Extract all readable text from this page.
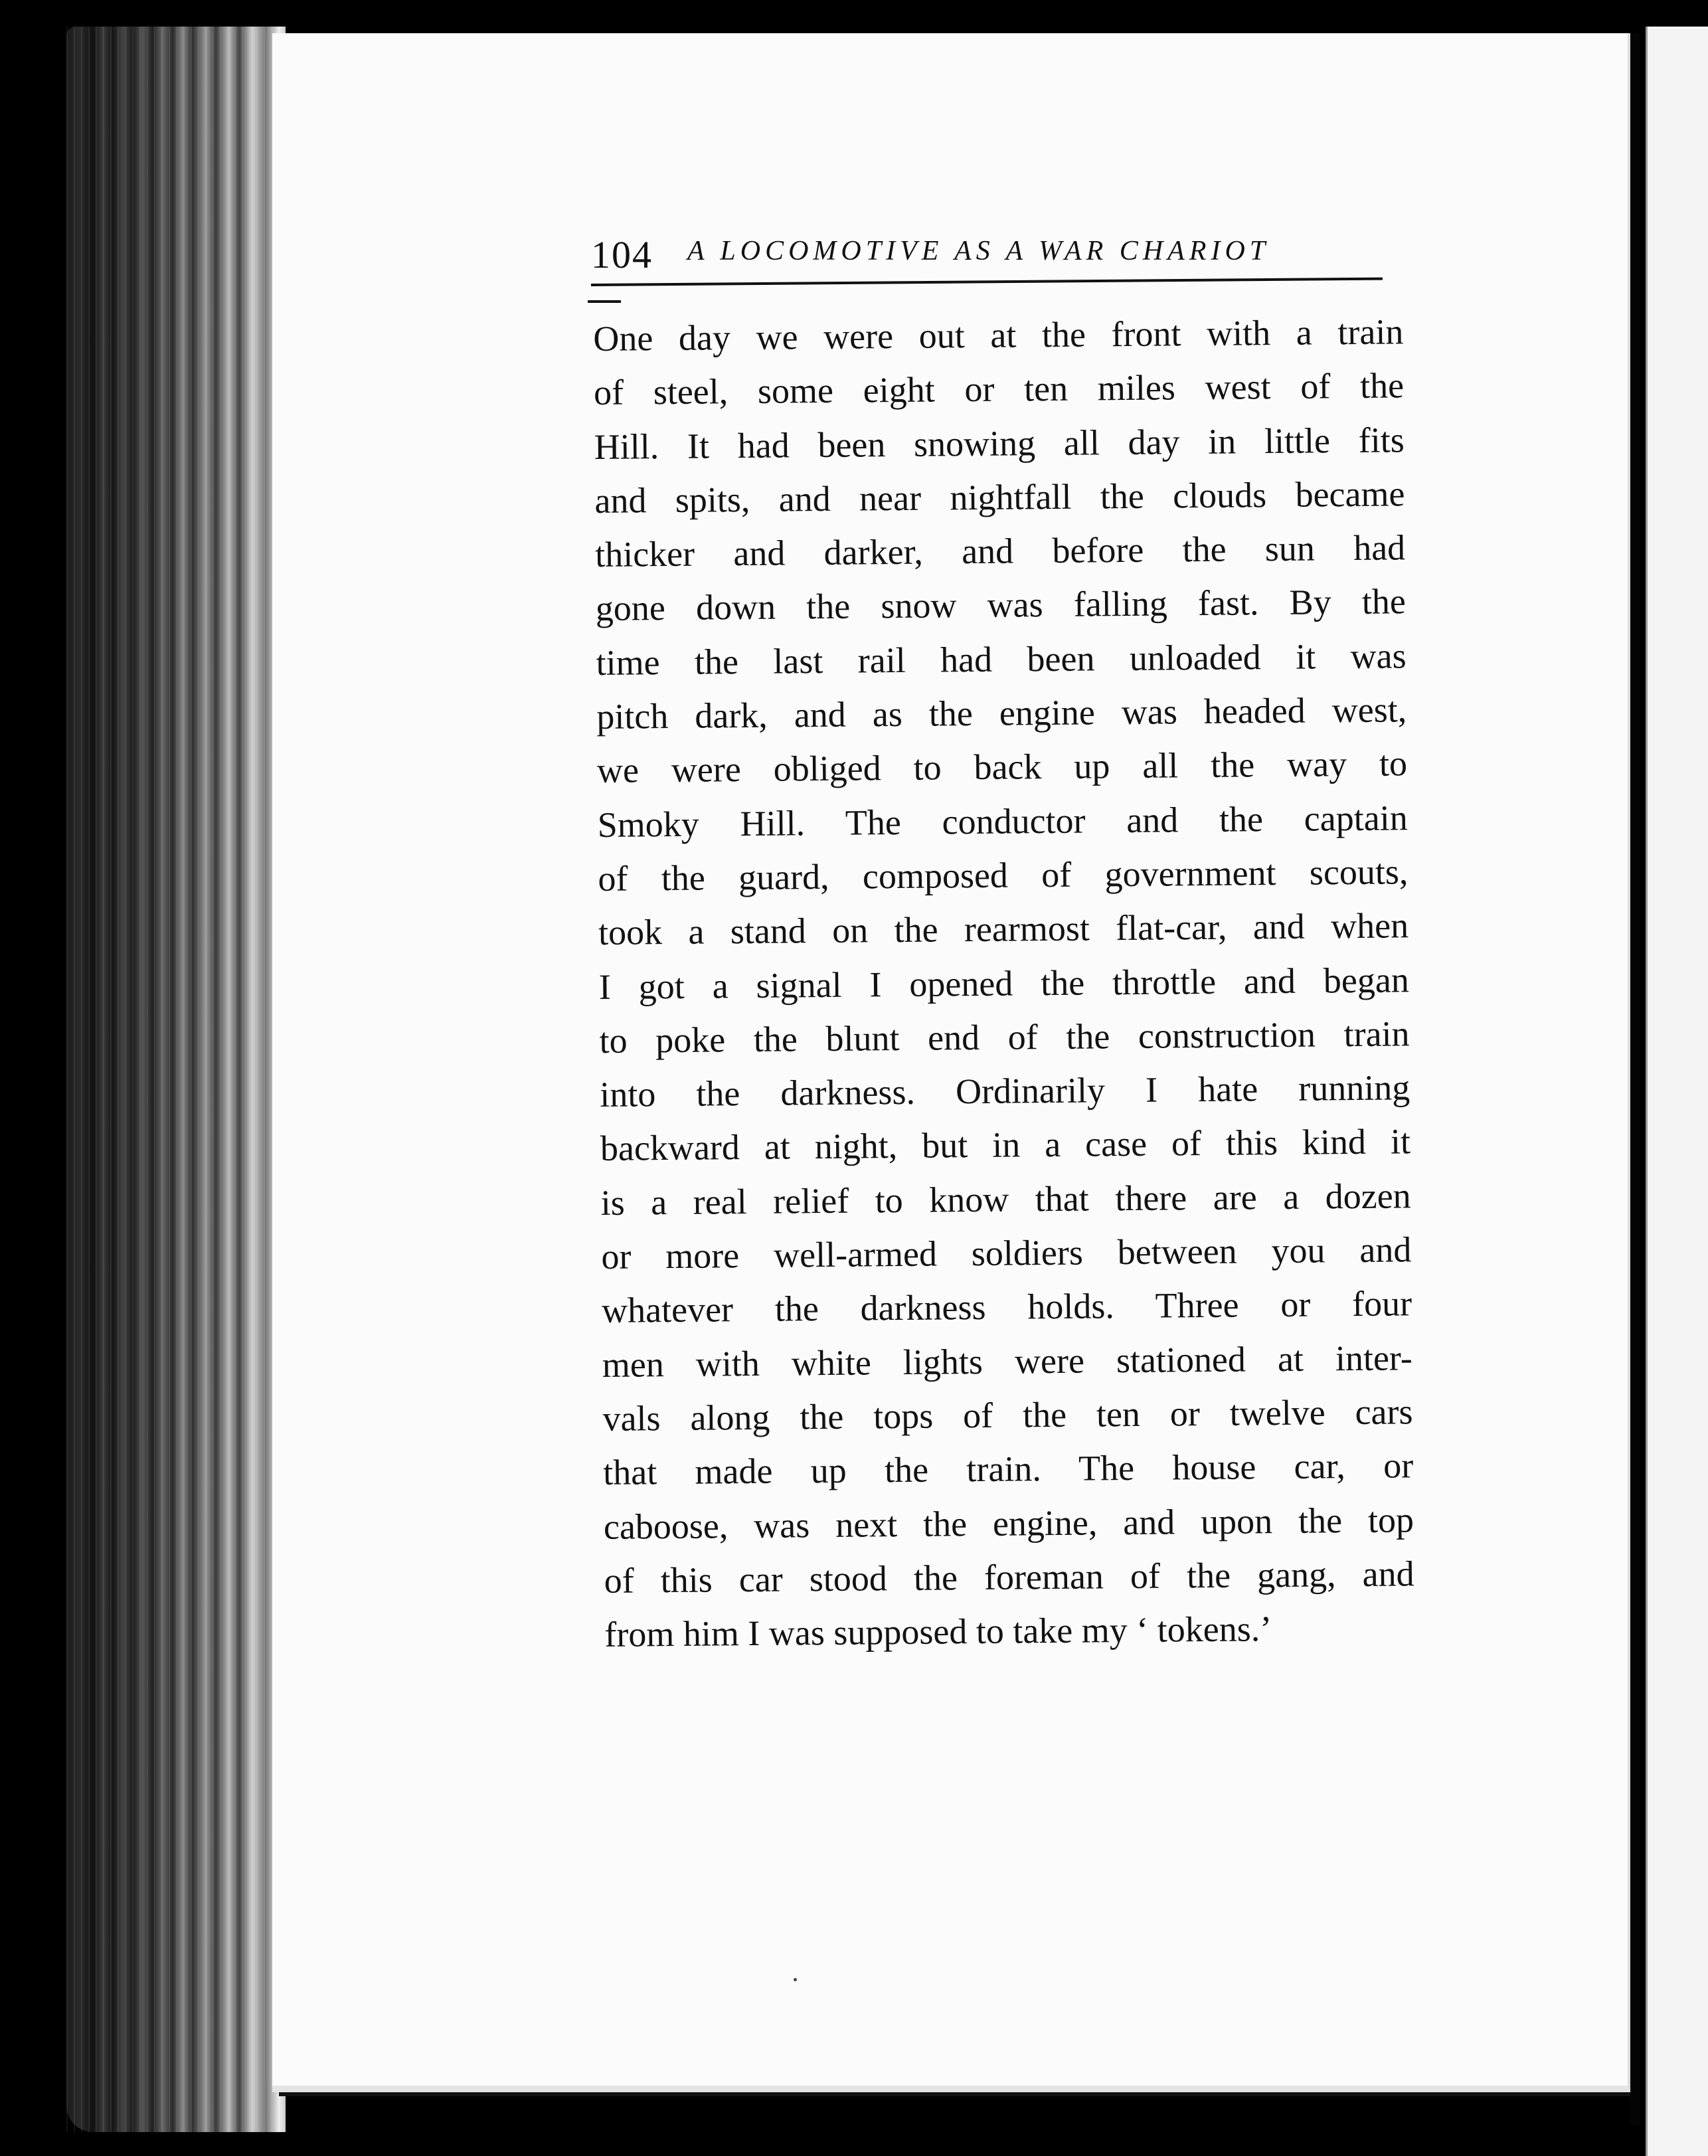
104 A LOCOMOTIVE AS A WAR CHARIOT
One day we were out at the front with a train
of steel, some eight or ten miles west of the
Hill. It had been snowing all day in little fits
and spits, and near nightfall the clouds became
thicker and darker, and before the sun had
gone down the snow was falling fast. By the
time the last rail had been unloaded it was
pitch dark, and as the engine was headed west,
we were obliged to back up all the way to
Smoky Hill. The conductor and the captain
of the guard, composed of government scouts,
took a stand on the rearmost flat-car, and when
I got a signal I opened the throttle and began
to poke the blunt end of the construction train
into the darkness. Ordinarily I hate running
backward at night, but in a case of this kind it
is a real relief to know that there are a dozen
or more well-armed soldiers between you and
whatever the darkness holds. Three or four
men with white lights were stationed at inter-
vals along the tops of the ten or twelve cars
that made up the train. The house car, or
caboose, was next the engine, and upon the top
of this car stood the foreman of the gang, and
from him I was supposed to take my ‘ tokens.’
